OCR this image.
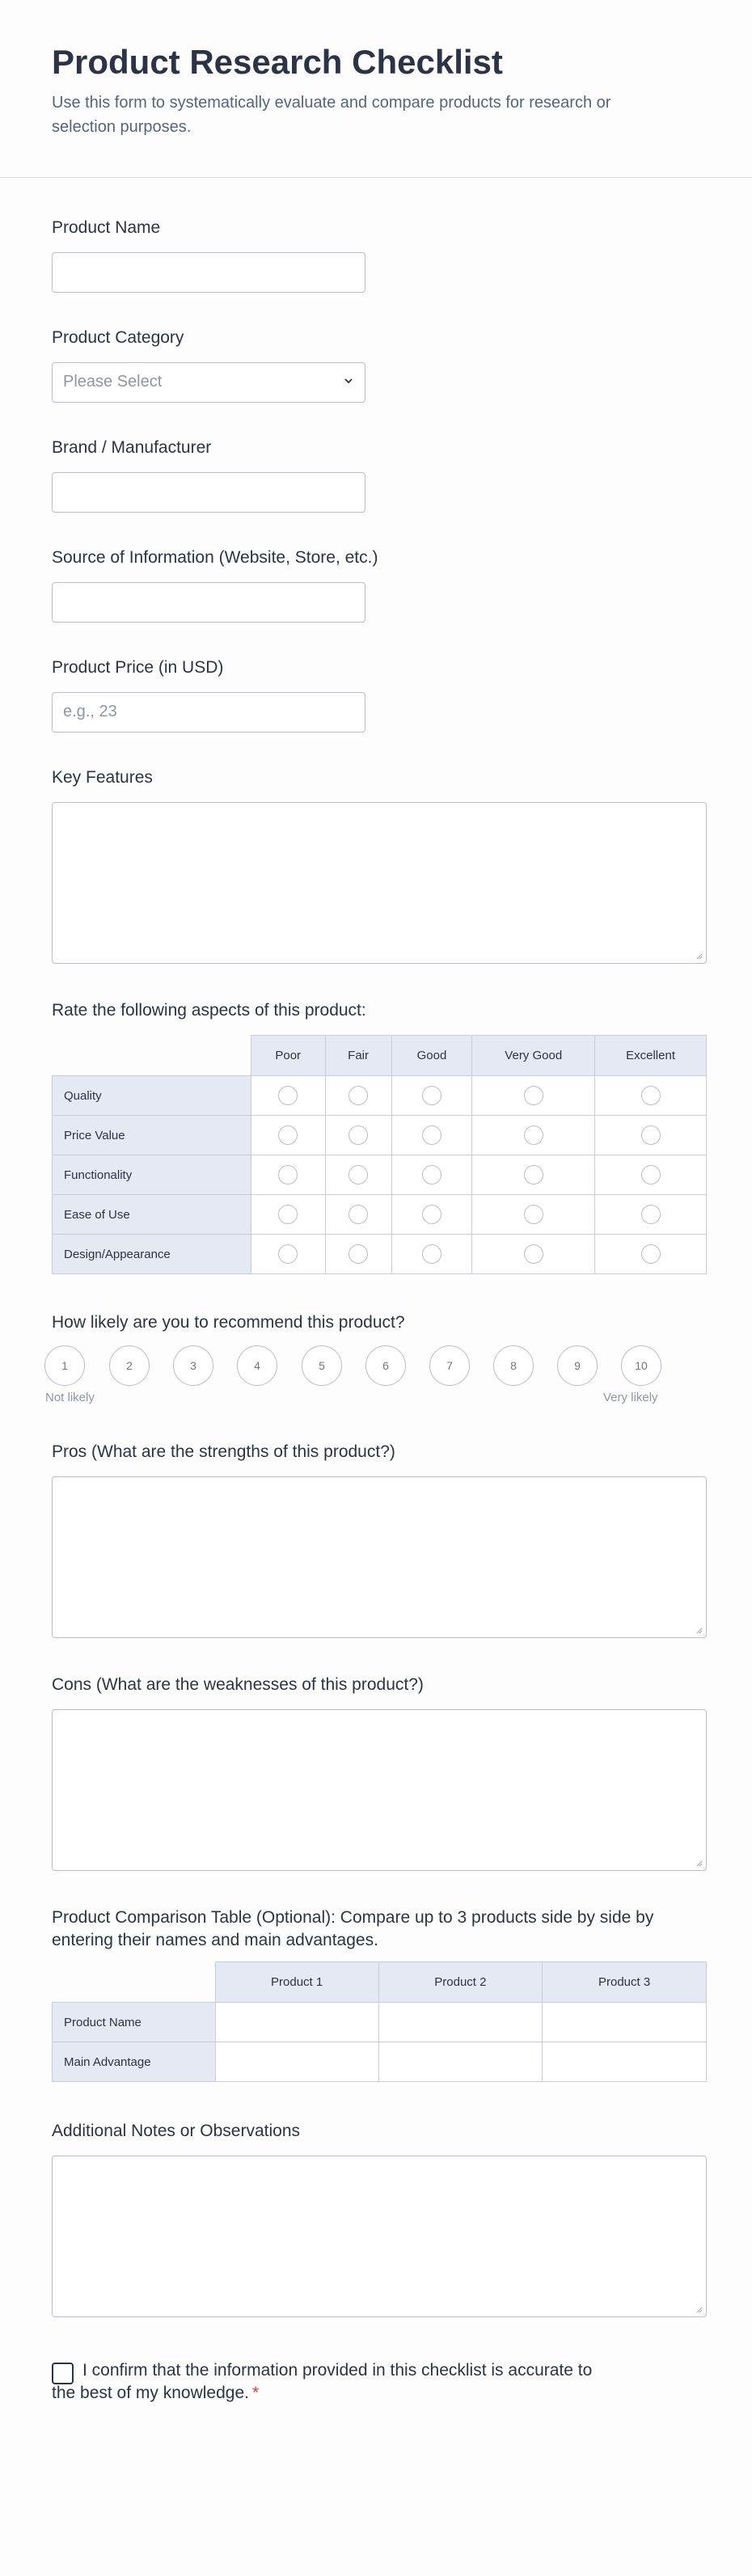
Product Research Checklist
Use this form to systematically evaluate and compare products for research or selection purposes.
Product Name
Product Category
Please Select
Brand / Manufacturer
Source of Information (Website, Store, etc.)
Product Price (in USD)
e.g., 23
Key Features
Rate the following aspects of this product:
	Poor	Fair	Good	Very Good	Excellent
Quality					
Price Value					
Functionality					
Ease of Use					
Design/Appearance					
How likely are you to recommend this product?
1	2	3	4	5	6	7	8	9	10
Not likely	Very likely
Pros (What are the strengths of this product?)
Cons (What are the weaknesses of this product?)
Product Comparison Table (Optional): Compare up to 3 products side by side by entering their names and main advantages.
	Product 1	Product 2	Product 3
Product Name			
Main Advantage			
Additional Notes or Observations
I confirm that the information provided in this checklist is accurate to the best of my knowledge. *
